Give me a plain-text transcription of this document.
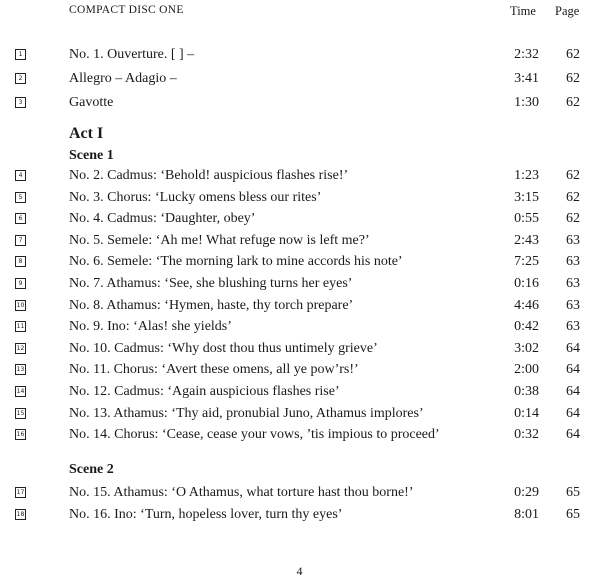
COMPACT DISC ONE	Time Page
1	No. 1. Ouverture. [ ] –	2:32 62
2	Allegro – Adagio –	3:41 62
3	Gavotte	1:30 62
Act I
Scene 1
4	No. 2. Cadmus: ‘Behold! auspicious flashes rise!’	1:23 62
5	No. 3. Chorus: ‘Lucky omens bless our rites’	3:15 62
6	No. 4. Cadmus: ‘Daughter, obey’	0:55 62
7	No. 5. Semele: ‘Ah me! What refuge now is left me?’	2:43 63
8	No. 6. Semele: ‘The morning lark to mine accords his note’	7:25 63
9	No. 7. Athamus: ‘See, she blushing turns her eyes’	0:16 63
10	No. 8. Athamus: ‘Hymen, haste, thy torch prepare’	4:46 63
11	No. 9. Ino: ‘Alas! she yields’	0:42 63
12	No. 10. Cadmus: ‘Why dost thou thus untimely grieve’	3:02 64
13	No. 11. Chorus: ‘Avert these omens, all ye pow’rs!’	2:00 64
14	No. 12. Cadmus: ‘Again auspicious flashes rise’	0:38 64
15	No. 13. Athamus: ‘Thy aid, pronubial Juno, Athamus implores’	0:14 64
16	No. 14. Chorus: ‘Cease, cease your vows, ’tis impious to proceed’	0:32 64
Scene 2
17	No. 15. Athamus: ‘O Athamus, what torture hast thou borne!’	0:29 65
18	No. 16. Ino: ‘Turn, hopeless lover, turn thy eyes’	8:01 65
4
